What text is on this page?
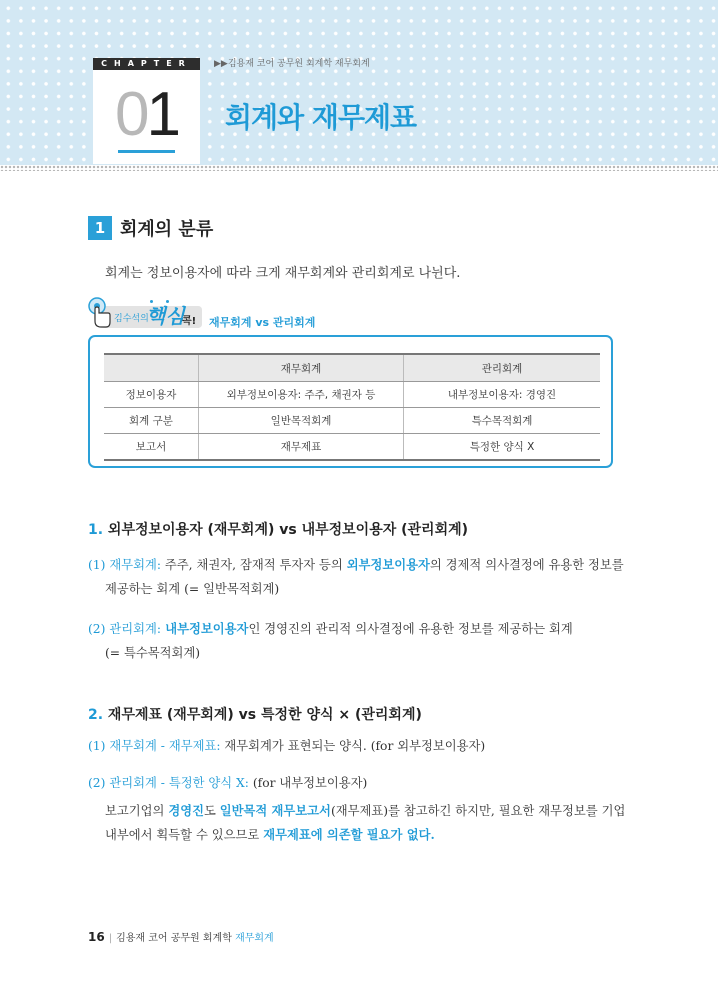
CHAPTER
01
▶▶김용재 코어 공무원 회계학 재무회계
회계와 재무제표
1 회계의 분류
회계는 정보이용자에 따라 크게 재무회계와 관리회계로 나뉜다.
김수석의
핵심
콕! 재무회계 vs 관리회계
	재무회계	관리회계
정보이용자	외부정보이용자: 주주, 채권자 등	내부정보이용자: 경영진
회계 구분	일반목적회계	특수목적회계
보고서	재무제표	특정한 양식 X
1. 외부정보이용자 (재무회계) vs 내부정보이용자 (관리회계)
(1) 재무회계: 주주, 채권자, 잠재적 투자자 등의 외부정보이용자의 경제적 의사결정에 유용한 정보를
제공하는 회계 (= 일반목적회계)
(2) 관리회계: 내부정보이용자인 경영진의 관리적 의사결정에 유용한 정보를 제공하는 회계
(= 특수목적회계)
2. 재무제표 (재무회계) vs 특정한 양식 × (관리회계)
(1) 재무회계 - 재무제표: 재무회계가 표현되는 양식. (for 외부정보이용자)
(2) 관리회계 - 특정한 양식 X: (for 내부정보이용자)
보고기업의 경영진도 일반목적 재무보고서(재무제표)를 참고하긴 하지만, 필요한 재무정보를 기업
내부에서 획득할 수 있으므로 재무제표에 의존할 필요가 없다.
16 | 김용재 코어 공무원 회계학 재무회계
